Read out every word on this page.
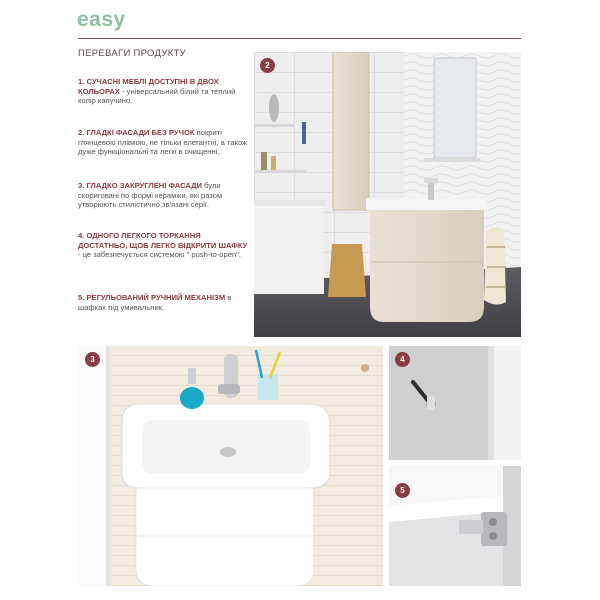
easy
ПЕРЕВАГИ ПРОДУКТУ
1. СУЧАСНІ МЕБЛІ ДОСТУПНІ В ДВОХ КОЛЬОРАХ - універсальний білий та теплий колір капучино.
2. ГЛАДКІ ФАСАДИ БЕЗ РУЧОК покриті глянцевою плівкою, не тільки елегантні, а також дуже функціональні та легкі в очищенні.
3. ГЛАДКО ЗАКРУГЛЕНІ ФАСАДИ були скориговані по формі кераміки, які разом утворюють стилістично зв'язані серії.
4. ОДНОГО ЛЕГКОГО ТОРКАННЯ ДОСТАТНЬО, ЩОБ ЛЕГКО ВІДКРИТИ ШАФКУ - це забезпечується системою " push-to-open".
5. РЕГУЛЬОВАНИЙ РУЧНИЙ МЕХАНІЗМ в шафках під умивальник.
2
3	4
5
